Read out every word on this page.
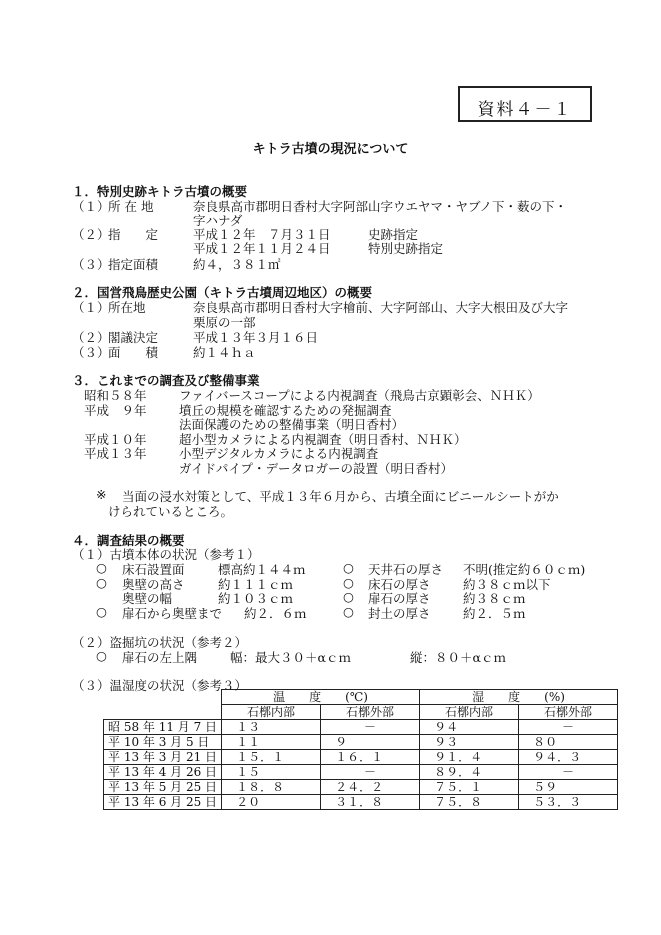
資料４－１
キトラ古墳の現況について
１．特別史跡キトラ古墳の概要
（１）
所 在 地	奈良県高市郡明日香村大字阿部山字ウエヤマ・ヤブノ下・薮の下・
字ハナダ
（２）
指　　定	平成１２年　７月３１日	史跡指定
平成１２年１１月２４日	特別史跡指定
（３）
指定面積	約４，３８１㎡
２．国営飛鳥歴史公園（キトラ古墳周辺地区）の概要
（１）
所在地	奈良県高市郡明日香村大字檜前、大字阿部山、大字大根田及び大字
栗原の一部
（２）
閣議決定	平成１３年３月１６日
（３）
面　　積	約１４ｈａ
３．これまでの調査及び整備事業
昭和５８年	ファイバースコープによる内視調査（飛鳥古京顕彰会、ＮＨＫ）
平成　９年	墳丘の規模を確認するための発掘調査
法面保護のための整備事業（明日香村）
平成１０年	超小型カメラによる内視調査（明日香村、ＮＨＫ）
平成１３年	小型デジタルカメラによる内視調査
ガイドパイプ・データロガーの設置（明日香村）
※ 当面の浸水対策として、平成１３年６月から、古墳全面にビニールシートがか
けられているところ。
４．調査結果の概要
（１）古墳本体の状況（参考１）
○ 床石設置面	標高約１４４ｍ
○ 奥壁の高さ	約１１１ｃｍ
奥壁の幅	約１０３ｃｍ
○ 扉石から奥壁まで 約２．６ｍ
○ 天井石の厚さ 不明(推定約６０ｃｍ)
○ 床石の厚さ	約３８ｃｍ以下
○ 扉石の厚さ	約３８ｃｍ
○ 封土の厚さ	約２．５ｍ
（２）盗掘坑の状況（参考２）
○ 扉石の左上隅	幅：最大３０＋αｃｍ	縦：８０＋αｃｍ
（３）温湿度の状況（参考３）
	温　　度　　(℃)		湿　　度　　(%)	
	石槨内部	石槨外部	石槨内部	石槨外部
昭 58 年 11 月 7 日	１３	－	９４	－
平 10 年 3 月 5 日	１１	９	９３	８０
平 13 年 3 月 21 日	１５．１	１６．１	９１．４	９４．３
平 13 年 4 月 26 日	１５	－	８９．４	－
平 13 年 5 月 25 日	１８．８	２４．２	７５．１	５９
平 13 年 6 月 25 日	２０	３１．８	７５．８	５３．３
